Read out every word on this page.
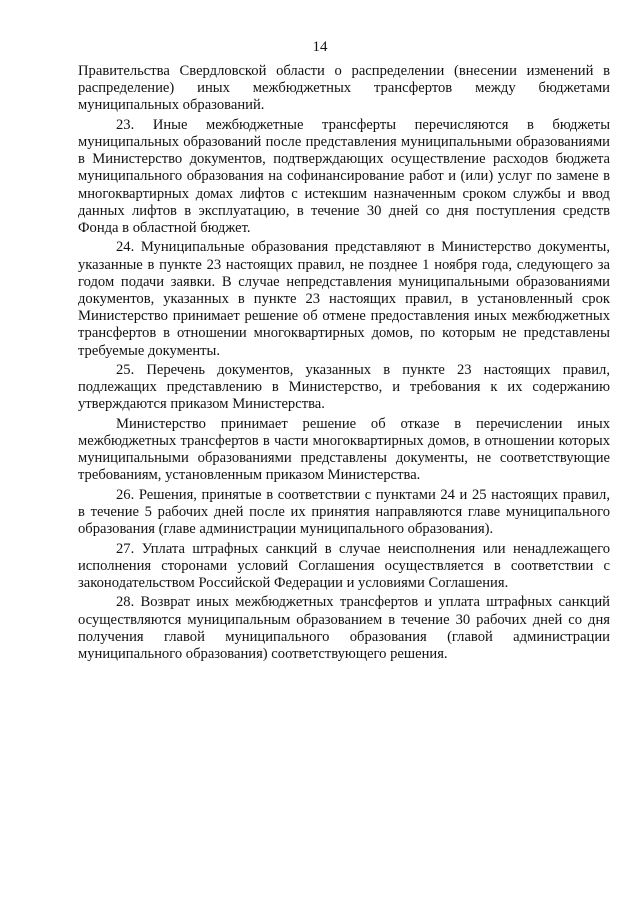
14

Правительства Свердловской области о распределении (внесении изменений в распределение) иных межбюджетных трансфертов между бюджетами муниципальных образований.

23. Иные межбюджетные трансферты перечисляются в бюджеты муниципальных образований после представления муниципальными образованиями в Министерство документов, подтверждающих осуществление расходов бюджета муниципального образования на софинансирование работ и (или) услуг по замене в многоквартирных домах лифтов с истекшим назначенным сроком службы и ввод данных лифтов в эксплуатацию, в течение 30 дней со дня поступления средств Фонда в областной бюджет.

24. Муниципальные образования представляют в Министерство документы, указанные в пункте 23 настоящих правил, не позднее 1 ноября года, следующего за годом подачи заявки. В случае непредставления муниципальными образованиями документов, указанных в пункте 23 настоящих правил, в установленный срок Министерство принимает решение об отмене предоставления иных межбюджетных трансфертов в отношении многоквартирных домов, по которым не представлены требуемые документы.

25. Перечень документов, указанных в пункте 23 настоящих правил, подлежащих представлению в Министерство, и требования к их содержанию утверждаются приказом Министерства.

Министерство принимает решение об отказе в перечислении иных межбюджетных трансфертов в части многоквартирных домов, в отношении которых муниципальными образованиями представлены документы, не соответствующие требованиям, установленным приказом Министерства.

26. Решения, принятые в соответствии с пунктами 24 и 25 настоящих правил, в течение 5 рабочих дней после их принятия направляются главе муниципального образования (главе администрации муниципального образования).

27. Уплата штрафных санкций в случае неисполнения или ненадлежащего исполнения сторонами условий Соглашения осуществляется в соответствии с законодательством Российской Федерации и условиями Соглашения.

28. Возврат иных межбюджетных трансфертов и уплата штрафных санкций осуществляются муниципальным образованием в течение 30 рабочих дней со дня получения главой муниципального образования (главой администрации муниципального образования) соответствующего решения.
